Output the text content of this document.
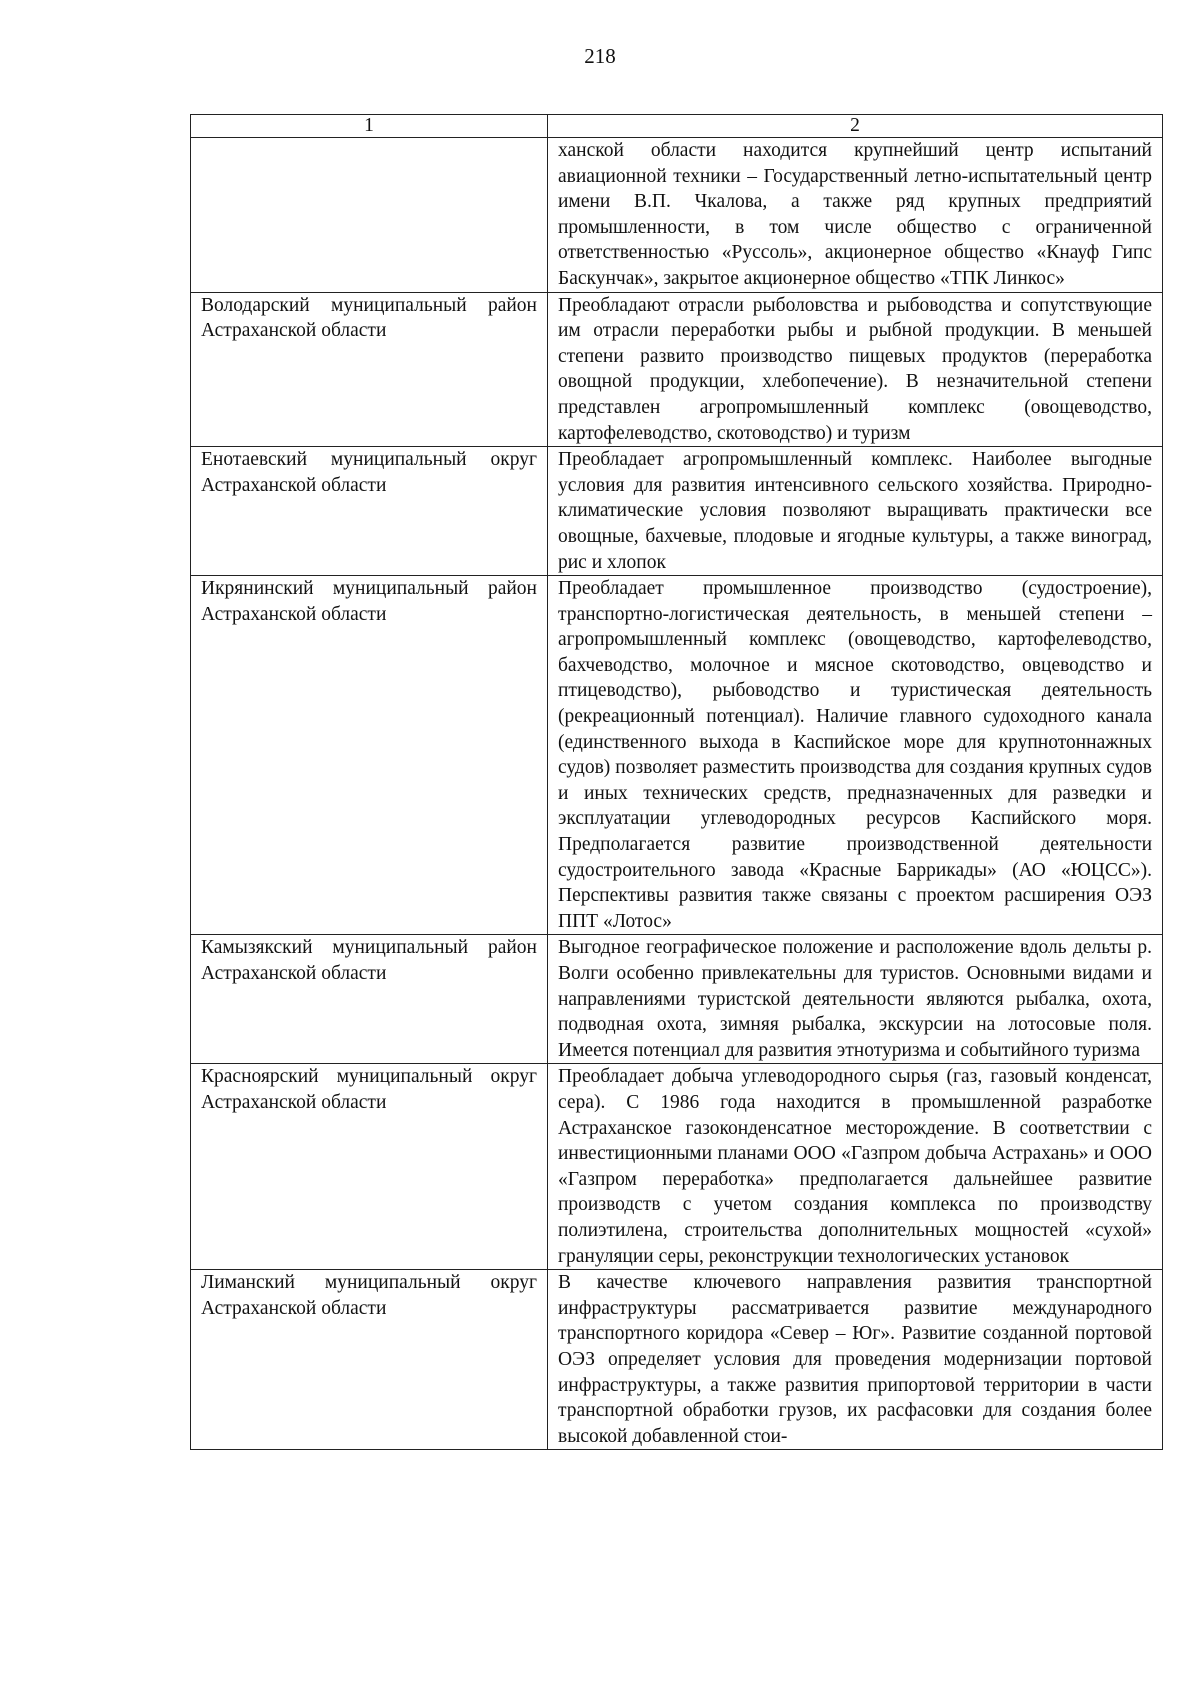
218
1	2

	ханской области находится крупнейший центр испытаний авиационной техники – Государственный летно-испытательный центр имени В.П. Чкалова, а также ряд крупных предприятий промышленности, в том числе общество с ограниченной ответственностью «Руссоль», акционерное общество «Кнауф Гипс Баскунчак», закрытое акционерное общество «ТПК Линкос»

Володарский муниципальный район Астраханской области	Преобладают отрасли рыболовства и рыбоводства и сопутствующие им отрасли переработки рыбы и рыбной продукции. В меньшей степени развито производство пищевых продуктов (переработка овощной продукции, хлебопечение). В незначительной степени представлен агропромышленный комплекс (овощеводство, картофелеводство, скотоводство) и туризм

Енотаевский муниципальный округ Астраханской области	Преобладает агропромышленный комплекс. Наиболее выгодные условия для развития интенсивного сельского хозяйства. Природно-климатические условия позволяют выращивать практически все овощные, бахчевые, плодовые и ягодные культуры, а также виноград, рис и хлопок

Икрянинский муниципальный район Астраханской области	Преобладает промышленное производство (судостроение), транспортно-логистическая деятельность, в меньшей степени – агропромышленный комплекс (овощеводство, картофелеводство, бахчеводство, молочное и мясное скотоводство, овцеводство и птицеводство), рыбоводство и туристическая деятельность (рекреационный потенциал). Наличие главного судоходного канала (единственного выхода в Каспийское море для крупнотоннажных судов) позволяет разместить производства для создания крупных судов и иных технических средств, предназначенных для разведки и эксплуатации углеводородных ресурсов Каспийского моря. Предполагается развитие производственной деятельности судостроительного завода «Красные Баррикады» (АО «ЮЦСС»). Перспективы развития также связаны с проектом расширения ОЭЗ ППТ «Лотос»

Камызякский муниципальный район Астраханской области	Выгодное географическое положение и расположение вдоль дельты р. Волги особенно привлекательны для туристов. Основными видами и направлениями туристской деятельности являются рыбалка, охота, подводная охота, зимняя рыбалка, экскурсии на лотосовые поля. Имеется потенциал для развития этнотуризма и событийного туризма

Красноярский муниципальный округ Астраханской области	Преобладает добыча углеводородного сырья (газ, газовый конденсат, сера). С 1986 года находится в промышленной разработке Астраханское газоконденсатное месторождение. В соответствии с инвестиционными планами ООО «Газпром добыча Астрахань» и ООО «Газпром переработка» предполагается дальнейшее развитие производств с учетом создания комплекса по производству полиэтилена, строительства дополнительных мощностей «сухой» грануляции серы, реконструкции технологических установок

Лиманский муниципальный округ Астраханской области	В качестве ключевого направления развития транспортной инфраструктуры рассматривается развитие международного транспортного коридора «Север – Юг». Развитие созданной портовой ОЭЗ определяет условия для проведения модернизации портовой инфраструктуры, а также развития припортовой территории в части транспортной обработки грузов, их расфасовки для создания более высокой добавленной стои-
